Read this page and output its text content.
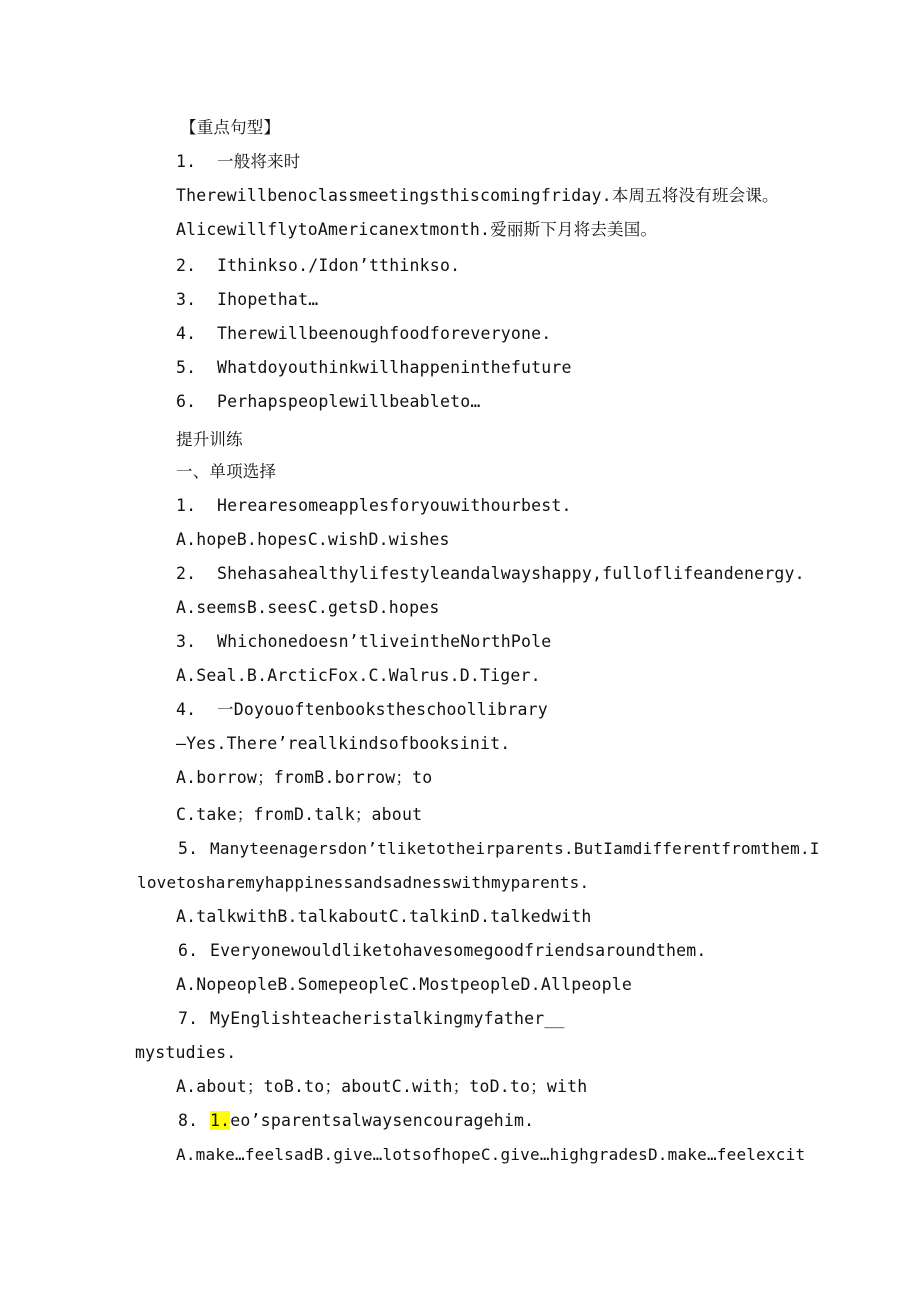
【重点句型】
1. 一般将来时
Therewillbenoclassmeetingsthiscomingfriday.本周五将没有班会课。
AlicewillflytoAmericanextmonth.爱丽斯下月将去美国。
2. Ithinkso./Idon’tthinkso.
3. Ihopethat…
4. Therewillbeenoughfoodforeveryone.
5. Whatdoyouthinkwillhappeninthefuture
6. Perhapspeoplewillbeableto…
提升训练
一、单项选择
1. Herearesomeapplesforyouwithourbest.
A.hopeB.hopesC.wishD.wishes
2. Shehasahealthylifestyleandalwayshappy,fulloflifeandenergy.
A.seemsB.seesC.getsD.hopes
3. Whichonedoesn’tliveintheNorthPole
A.Seal.B.ArcticFox.C.Walrus.D.Tiger.
4. 一Doyouoftenbookstheschoollibrary
—Yes.There’reallkindsofbooksinit.
A.borrow；fromB.borrow；to
C.take；fromD.talk；about
5. Manyteenagersdon’tliketotheirparents.ButIamdifferentfromthem.I
lovetosharemyhappinessandsadnesswithmyparents.
A.talkwithB.talkaboutC.talkinD.talkedwith
6. Everyonewouldliketohavesomegoodfriendsaroundthem.
A.NopeopleB.SomepeopleC.MostpeopleD.Allpeople
7. MyEnglishteacheristalkingmyfather__
mystudies.
A.about；toB.to；aboutC.with；toD.to；with
8. 1.eo’sparentsalwaysencouragehim.
A.make…feelsadB.give…lotsofhopeC.give…highgradesD.make…feelexcit
